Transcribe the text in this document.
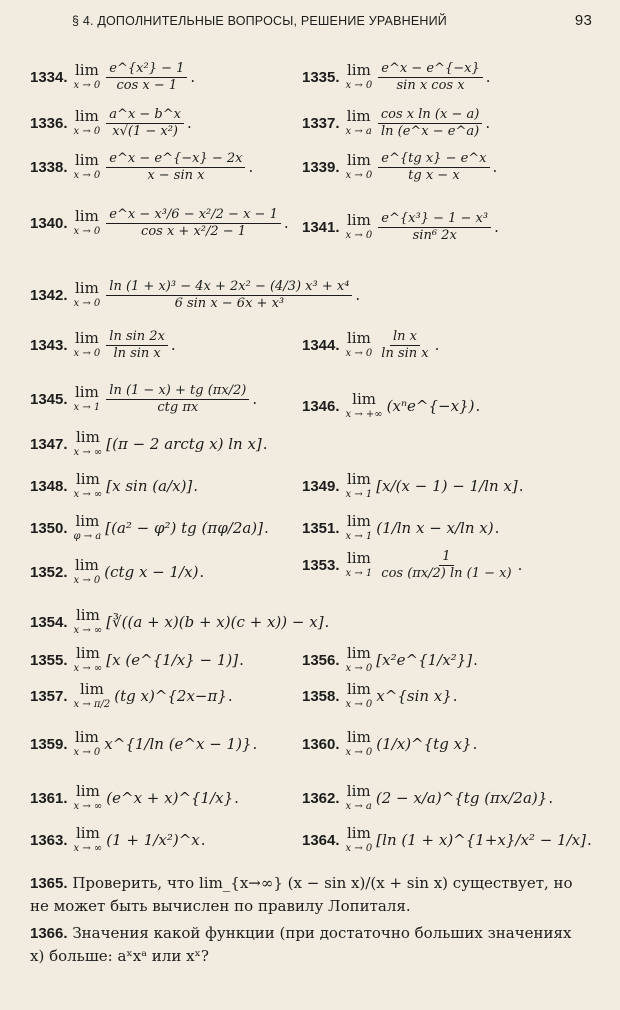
§ 4. ДОПОЛНИТЕЛЬНЫЕ ВОПРОСЫ, РЕШЕНИЕ УРАВНЕНИЙ	93
1334. lim
$x \to 0 \frac{\text{e\textasciicircum{}\{x²\} − 1}}{\text{cos x − 1}}$ .	1335. lim
$x \to 0 \frac{e\^{}x - e\^{}\{-x\}}{\text{sin x cos x}}$ .
1336. lim
$x \to 0 \frac{a\^{}x - b\^{}x}{\text{x√(1 − x²)}}$ .	1337. lim
x → a $\frac{\text{cos x ln (x − a)}}{\ln (e\^{}x - e\^{}a)}$ .
1338. lim
$x \to 0 \frac{e\^{}x - e\^{}\{-x\} - 2x}{\text{x − sin x}}$ .	1339. lim
$x \to 0 \frac{\text{e\textasciicircum{}\{tg x\} − e\textasciicircum{}x}}{\text{tg x − x}}$ .
1340. lim
$x \to 0 \frac{\text{e\textasciicircum{}x − x³/6 − x²/2 − x − 1}}{\text{cos x + x²/2 − 1}}$ . 1341. lim
$x \to 0 \frac{\text{e\textasciicircum{}\{x³\} − 1 − x³}}{\text{sin⁶ 2x}}$ .
1342. lim
$x \to 0 \frac{\text{ln (1 + x)³ − 4x + 2x² − (4/3) x³ + x⁴}}{\text{6 sin x − 6x + x³}}$ .
1343. lim
$x \to 0 \frac{\text{ln sin 2x}}{\text{ln sin x}}$ .	1344. lim
$x \to 0 \frac{\text{ln x}}{\text{ln sin x}}$ .
1345. lim
$x \to 1 \frac{\ln (1 - x) + tg (\pi x/2)}{\text{ctg πx}}$ .	1346. lim
x → +∞ (xⁿe^{−x}) .
1347. lim
x → ∞ [(π − 2 arctg x) ln x] .
1348. lim
x → ∞ [x sin (a/x)] .	1349. lim
x → 1 [x/(x − 1) − 1/ln x] .
1350. lim
φ → a [(a² − φ²) tg (πφ/2a)] . 1351. lim
x → 1 (1/ln x − x/ln x) .
1352. lim
x → 0 (ctg x − 1/x) .	1353. lim
$x \to 1 \frac{1}{\cos (\pi x/2) \ln (1 - x)}$ .
1354. lim
x → ∞ [∛((a + x)(b + x)(c + x)) − x] .
1355. lim
x → ∞ [x (e^{1/x} − 1)] .	1356. lim
x → 0 [x²e^{1/x²}] .
1357. lim
x → π/2 (tg x)^{2x−π} .	1358. lim
x → 0 x^{sin x} .
1359. lim
x → 0 x^{1/ln (e^x − 1)} .	1360. lim
x → 0 (1/x)^{tg x} .
1361. lim
x → ∞ (e^x + x)^{1/x} .	1362. lim
x → a (2 − x/a)^{tg (πx/2a)} .
1363. lim
x → ∞ (1 + 1/x²)^x .	1364. lim
x → 0 [ln (1 + x)^{1+x}/x² − 1/x] .
1365. Проверить, что lim_{x→∞} (x − sin x)/(x + sin x) существует, но не может быть вычислен по правилу Лопиталя.
1366. Значения какой функции (при достаточно больших значениях x) больше: aˣxᵃ или xˣ?
